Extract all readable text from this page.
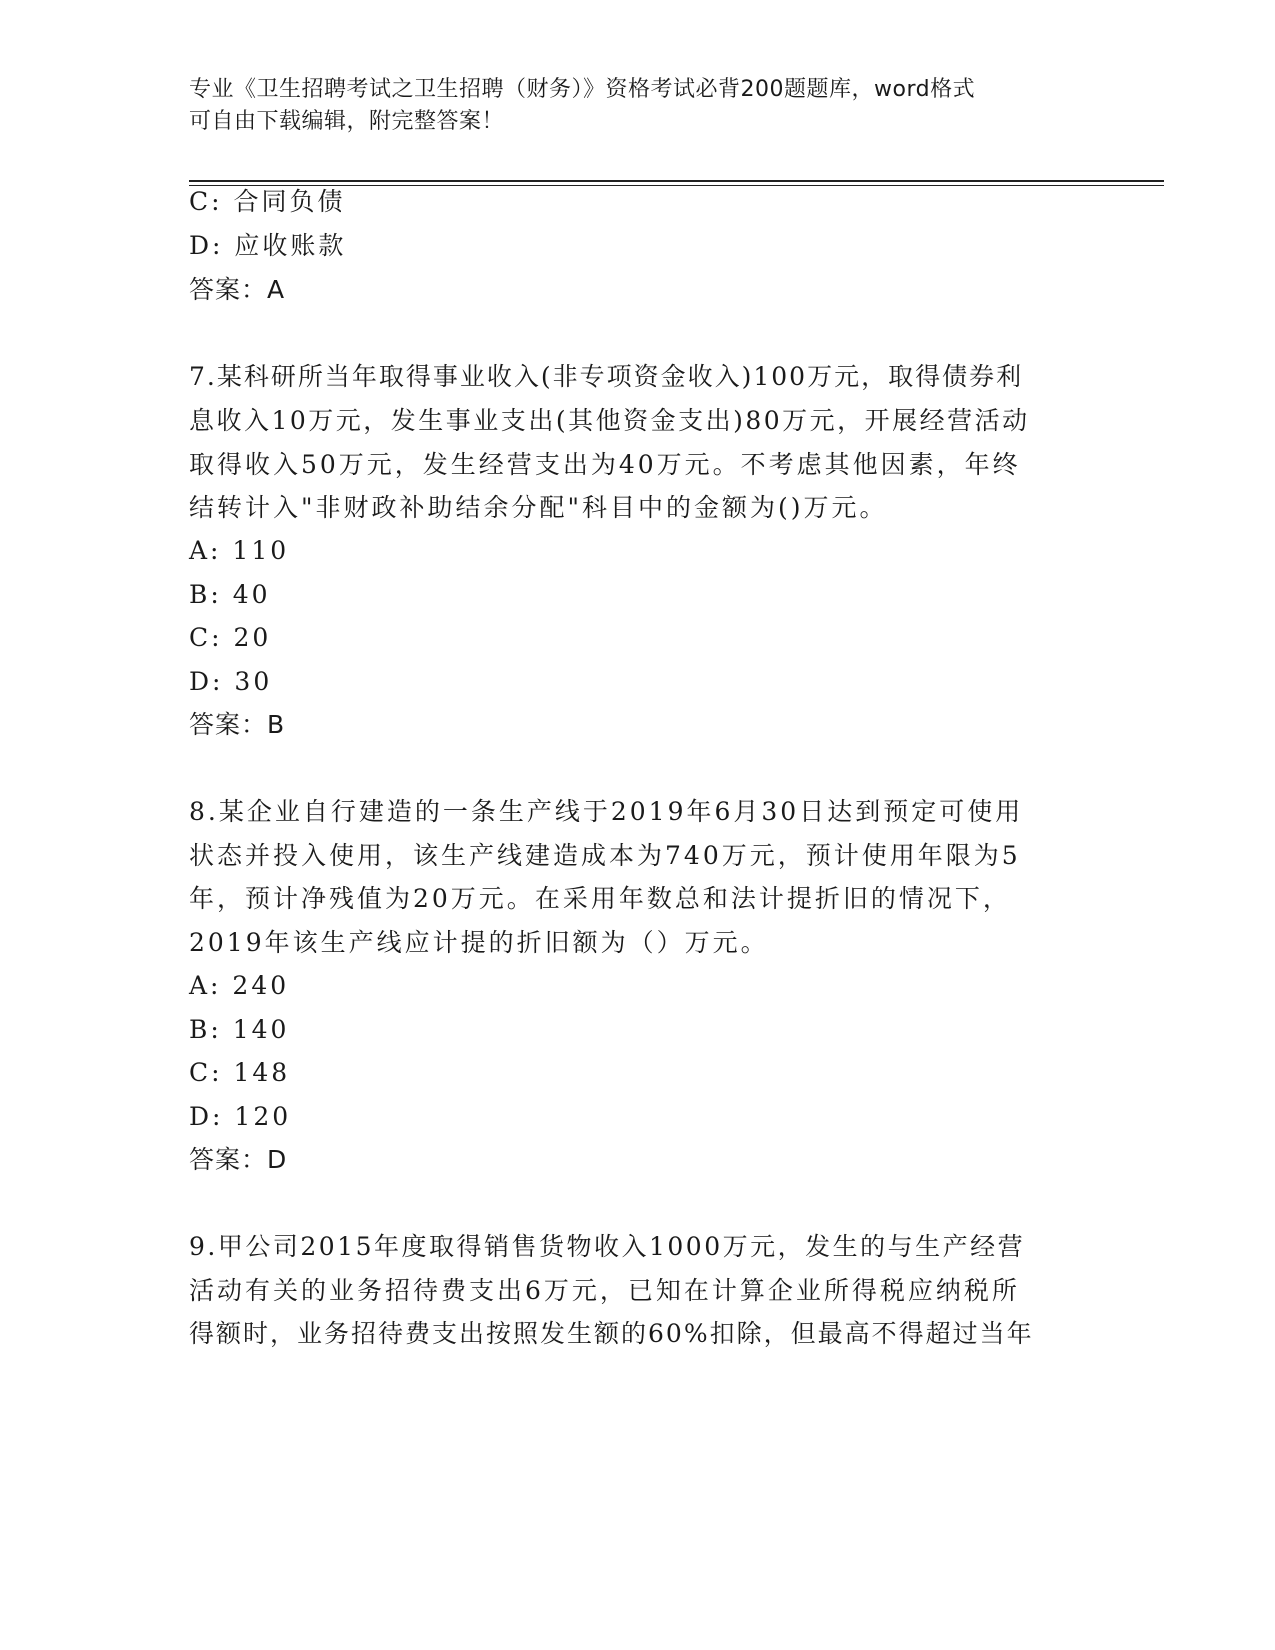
专业《卫生招聘考试之卫生招聘（财务）》资格考试必背200题题库，word格式
可自由下载编辑，附完整答案！
C: 合同负债
D: 应收账款
答案：A
7.某科研所当年取得事业收入(非专项资金收入)100万元，取得债券利
息收入10万元，发生事业支出(其他资金支出)80万元，开展经营活动
取得收入50万元，发生经营支出为40万元。不考虑其他因素，年终
结转计入"非财政补助结余分配"科目中的金额为()万元。
A: 110
B: 40
C: 20
D: 30
答案：B
8.某企业自行建造的一条生产线于2019年6月30日达到预定可使用
状态并投入使用，该生产线建造成本为740万元，预计使用年限为5
年，预计净残值为20万元。在采用年数总和法计提折旧的情况下，
2019年该生产线应计提的折旧额为（）万元。
A: 240
B: 140
C: 148
D: 120
答案：D
9.甲公司2015年度取得销售货物收入1000万元，发生的与生产经营
活动有关的业务招待费支出6万元，已知在计算企业所得税应纳税所
得额时，业务招待费支出按照发生额的60%扣除，但最高不得超过当年
